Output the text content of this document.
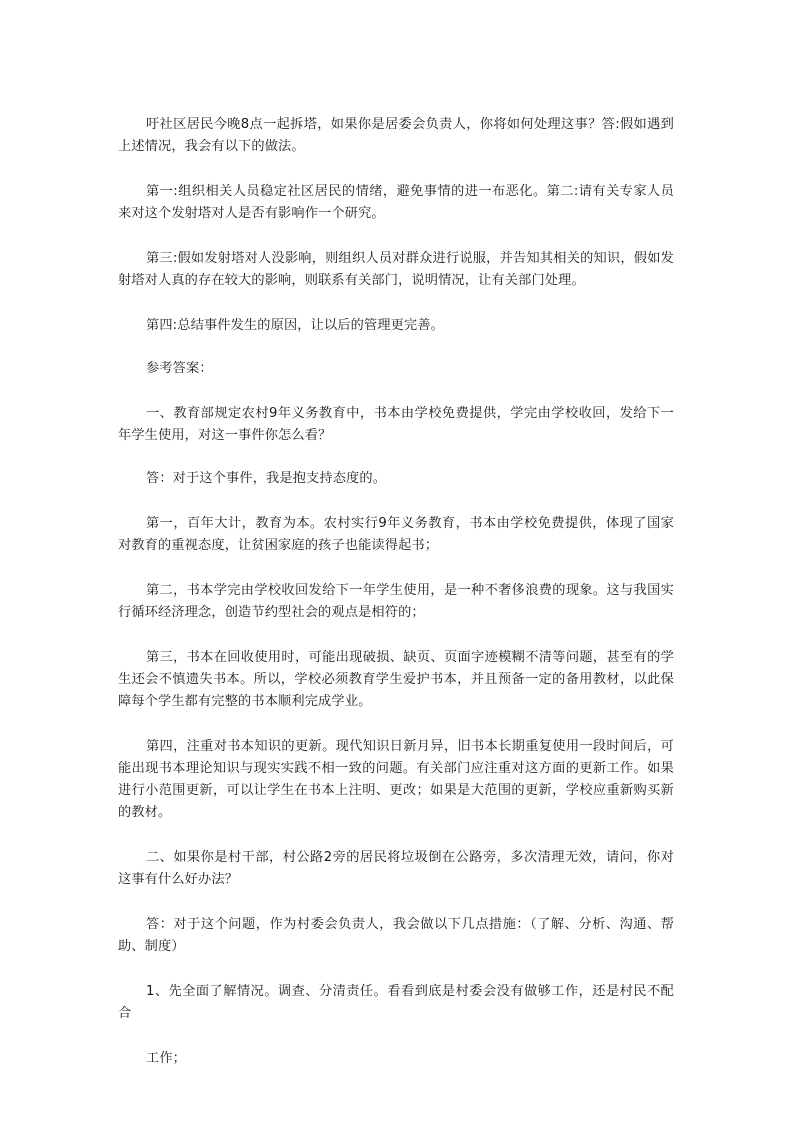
吁社区居民今晚8点一起拆塔，如果你是居委会负责人，你将如何处理这事？答:假如遇到上述情况，我会有以下的做法。

第一:组织相关人员稳定社区居民的情绪，避免事情的进一布恶化。第二:请有关专家人员来对这个发射塔对人是否有影响作一个研究。

第三:假如发射塔对人没影响，则组织人员对群众进行说服，并告知其相关的知识，假如发射塔对人真的存在较大的影响，则联系有关部门，说明情况，让有关部门处理。

第四:总结事件发生的原因，让以后的管理更完善。

参考答案：

一、教育部规定农村9年义务教育中，书本由学校免费提供，学完由学校收回，发给下一年学生使用，对这一事件你怎么看？

答：对于这个事件，我是抱支持态度的。

第一，百年大计，教育为本。农村实行9年义务教育，书本由学校免费提供，体现了国家对教育的重视态度，让贫困家庭的孩子也能读得起书；

第二，书本学完由学校收回发给下一年学生使用，是一种不奢侈浪费的现象。这与我国实行循环经济理念，创造节约型社会的观点是相符的；

第三，书本在回收使用时，可能出现破损、缺页、页面字迹模糊不清等问题，甚至有的学生还会不慎遗失书本。所以，学校必须教育学生爱护书本，并且预备一定的备用教材，以此保障每个学生都有完整的书本顺利完成学业。

第四，注重对书本知识的更新。现代知识日新月异，旧书本长期重复使用一段时间后，可能出现书本理论知识与现实实践不相一致的问题。有关部门应注重对这方面的更新工作。如果进行小范围更新，可以让学生在书本上注明、更改；如果是大范围的更新，学校应重新购买新的教材。

二、如果你是村干部，村公路2旁的居民将垃圾倒在公路旁，多次清理无效，请问，你对这事有什么好办法？

答：对于这个问题，作为村委会负责人，我会做以下几点措施：（了解、分析、沟通、帮助、制度）

1、先全面了解情况。调查、分清责任。看看到底是村委会没有做够工作，还是村民不配合

工作；
